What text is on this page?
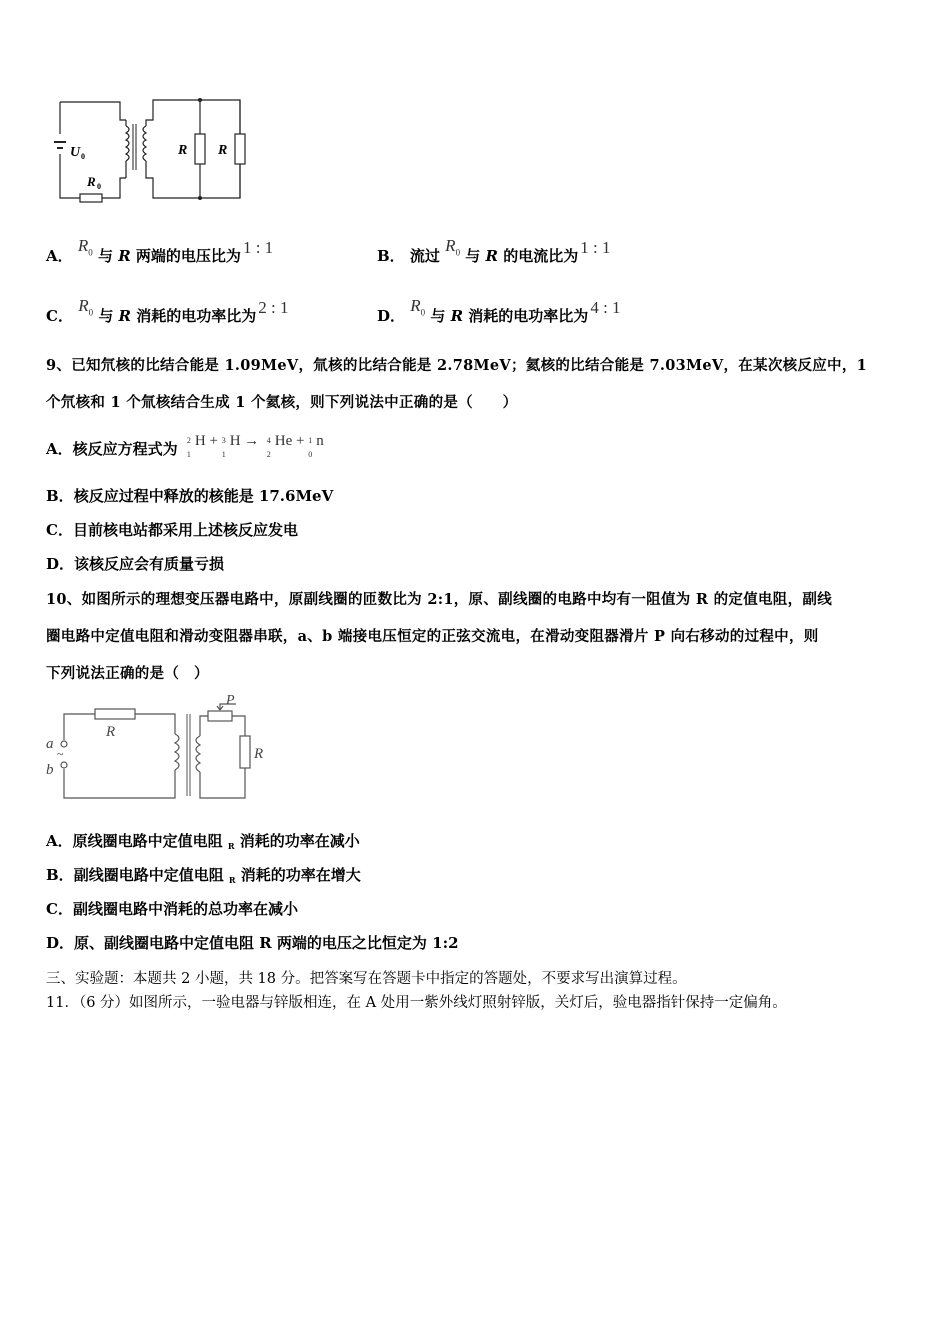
U 0
R 0
R R
A． $R_0$ 与 R 两端的电压比为 1 : 1	B． 流过 $R_0$ 与 R 的电流比为 1 : 1
C． $R_0$ 与 R 消耗的电功率比为 2 : 1	D． $R_0$ 与 R 消耗的电功率比为 4 : 1
9、已知氘核的比结合能是 1.09MeV，氚核的比结合能是 2.78MeV；氦核的比结合能是 7.03MeV，在某次核反应中，1
个氘核和 1 个氚核结合生成 1 个氦核，则下列说法中正确的是（　　）
A．核反应方程式为 2
1
H + 3
1
H → 4
2
He + 1
0
n
B．核反应过程中释放的核能是 17.6MeV
C．目前核电站都采用上述核反应发电
D．该核反应会有质量亏损
10、如图所示的理想变压器电路中，原副线圈的匝数比为 2:1，原、副线圈的电路中均有一阻值为 R 的定值电阻，副线
圈电路中定值电阻和滑动变阻器串联，a、b 端接电压恒定的正弦交流电，在滑动变阻器滑片 P 向右移动的过程中，则
下列说法正确的是（　）
a
b
~
R
R
P
A．原线圈电路中定值电阻 $_R$ 消耗的功率在减小
B．副线圈电路中定值电阻 $_R$ 消耗的功率在增大
C．副线圈电路中消耗的总功率在减小
D．原、副线圈电路中定值电阻 R 两端的电压之比恒定为 1:2
三、实验题：本题共 2 小题，共 18 分。把答案写在答题卡中指定的答题处，不要求写出演算过程。
11．（6 分）如图所示，一验电器与锌版相连，在 A 处用一紫外线灯照射锌版，关灯后，验电器指针保持一定偏角。
